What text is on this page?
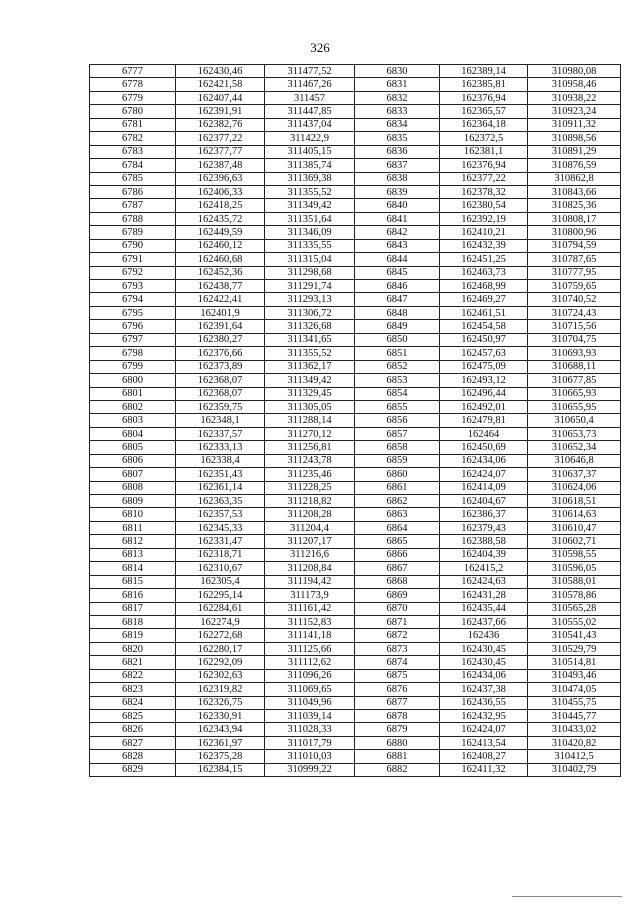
326
6777	162430,46	311477,52	6830	162389,14	310980,08
6778	162421,58	311467,26	6831	162385,81	310958,46
6779	162407,44	311457	6832	162376,94	310938,22
6780	162391,91	311447,85	6833	162365,57	310923,24
6781	162382,76	311437,04	6834	162364,18	310911,32
6782	162377,22	311422,9	6835	162372,5	310898,56
6783	162377,77	311405,15	6836	162381,1	310891,29
6784	162387,48	311385,74	6837	162376,94	310876,59
6785	162396,63	311369,38	6838	162377,22	310862,8
6786	162406,33	311355,52	6839	162378,32	310843,66
6787	162418,25	311349,42	6840	162380,54	310825,36
6788	162435,72	311351,64	6841	162392,19	310808,17
6789	162449,59	311346,09	6842	162410,21	310800,96
6790	162460,12	311335,55	6843	162432,39	310794,59
6791	162460,68	311315,04	6844	162451,25	310787,65
6792	162452,36	311298,68	6845	162463,73	310777,95
6793	162438,77	311291,74	6846	162468,99	310759,65
6794	162422,41	311293,13	6847	162469,27	310740,52
6795	162401,9	311306,72	6848	162461,51	310724,43
6796	162391,64	311326,68	6849	162454,58	310715,56
6797	162380,27	311341,65	6850	162450,97	310704,75
6798	162376,66	311355,52	6851	162457,63	310693,93
6799	162373,89	311362,17	6852	162475,09	310688,11
6800	162368,07	311349,42	6853	162493,12	310677,85
6801	162368,07	311329,45	6854	162496,44	310665,93
6802	162359,75	311305,05	6855	162492,01	310655,95
6803	162348,1	311288,14	6856	162479,81	310650,4
6804	162337,57	311270,12	6857	162464	310653,73
6805	162333,13	311256,81	6858	162450,69	310652,34
6806	162338,4	311243,78	6859	162434,06	310646,8
6807	162351,43	311235,46	6860	162424,07	310637,37
6808	162361,14	311228,25	6861	162414,09	310624,06
6809	162363,35	311218,82	6862	162404,67	310618,51
6810	162357,53	311208,28	6863	162386,37	310614,63
6811	162345,33	311204,4	6864	162379,43	310610,47
6812	162331,47	311207,17	6865	162388,58	310602,71
6813	162318,71	311216,6	6866	162404,39	310598,55
6814	162310,67	311208,84	6867	162415,2	310596,05
6815	162305,4	311194,42	6868	162424,63	310588,01
6816	162295,14	311173,9	6869	162431,28	310578,86
6817	162284,61	311161,42	6870	162435,44	310565,28
6818	162274,9	311152,83	6871	162437,66	310555,02
6819	162272,68	311141,18	6872	162436	310541,43
6820	162280,17	311125,66	6873	162430,45	310529,79
6821	162292,09	311112,62	6874	162430,45	310514,81
6822	162302,63	311096,26	6875	162434,06	310493,46
6823	162319,82	311069,65	6876	162437,38	310474,05
6824	162326,75	311049,96	6877	162436,55	310455,75
6825	162330,91	311039,14	6878	162432,95	310445,77
6826	162343,94	311028,33	6879	162424,07	310433,02
6827	162361,97	311017,79	6880	162413,54	310420,82
6828	162375,28	311010,03	6881	162408,27	310412,5
6829	162384,15	310999,22	6882	162411,32	310402,79
